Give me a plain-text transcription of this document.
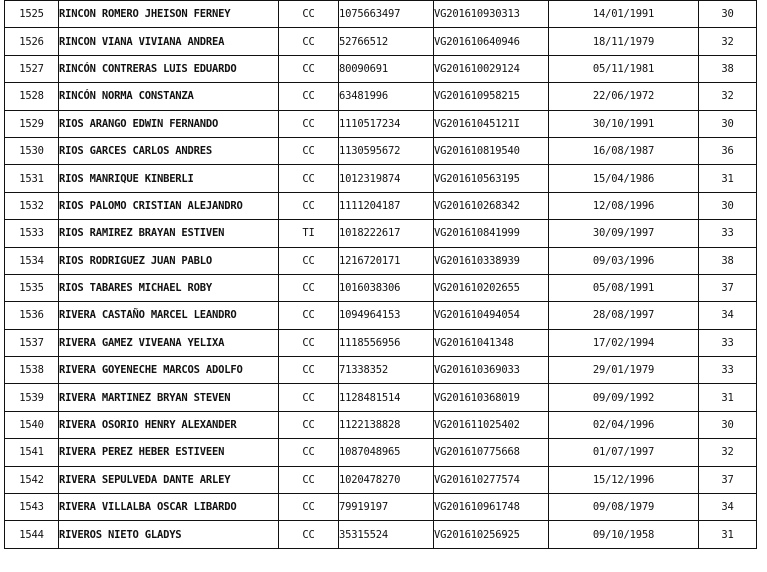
1525	RINCON ROMERO JHEISON FERNEY	CC	1075663497	VG201610930313	14/01/1991	30
1526	RINCON VIANA VIVIANA ANDREA	CC	52766512	VG201610640946	18/11/1979	32
1527	RINCÓN CONTRERAS LUIS EDUARDO	CC	80090691	VG201610029124	05/11/1981	38
1528	RINCÓN NORMA CONSTANZA	CC	63481996	VG201610958215	22/06/1972	32
1529	RIOS ARANGO EDWIN FERNANDO	CC	1110517234	VG20161045121I	30/10/1991	30
1530	RIOS GARCES CARLOS ANDRES	CC	1130595672	VG201610819540	16/08/1987	36
1531	RIOS MANRIQUE KINBERLI	CC	1012319874	VG201610563195	15/04/1986	31
1532	RIOS PALOMO CRISTIAN ALEJANDRO	CC	1111204187	VG201610268342	12/08/1996	30
1533	RIOS RAMIREZ BRAYAN ESTIVEN	TI	1018222617	VG201610841999	30/09/1997	33
1534	RIOS RODRIGUEZ JUAN PABLO	CC	1216720171	VG201610338939	09/03/1996	38
1535	RIOS TABARES MICHAEL ROBY	CC	1016038306	VG201610202655	05/08/1991	37
1536	RIVERA CASTAÑO MARCEL LEANDRO	CC	1094964153	VG201610494054	28/08/1997	34
1537	RIVERA GAMEZ VIVEANA YELIXA	CC	1118556956	VG20161041348	17/02/1994	33
1538	RIVERA GOYENECHE MARCOS ADOLFO	CC	71338352	VG201610369033	29/01/1979	33
1539	RIVERA MARTINEZ BRYAN STEVEN	CC	1128481514	VG201610368019	09/09/1992	31
1540	RIVERA OSORIO HENRY ALEXANDER	CC	1122138828	VG201611025402	02/04/1996	30
1541	RIVERA PEREZ HEBER ESTIVEEN	CC	1087048965	VG201610775668	01/07/1997	32
1542	RIVERA SEPULVEDA DANTE ARLEY	CC	1020478270	VG201610277574	15/12/1996	37
1543	RIVERA VILLALBA OSCAR LIBARDO	CC	79919197	VG201610961748	09/08/1979	34
1544	RIVEROS NIETO GLADYS	CC	35315524	VG201610256925	09/10/1958	31
